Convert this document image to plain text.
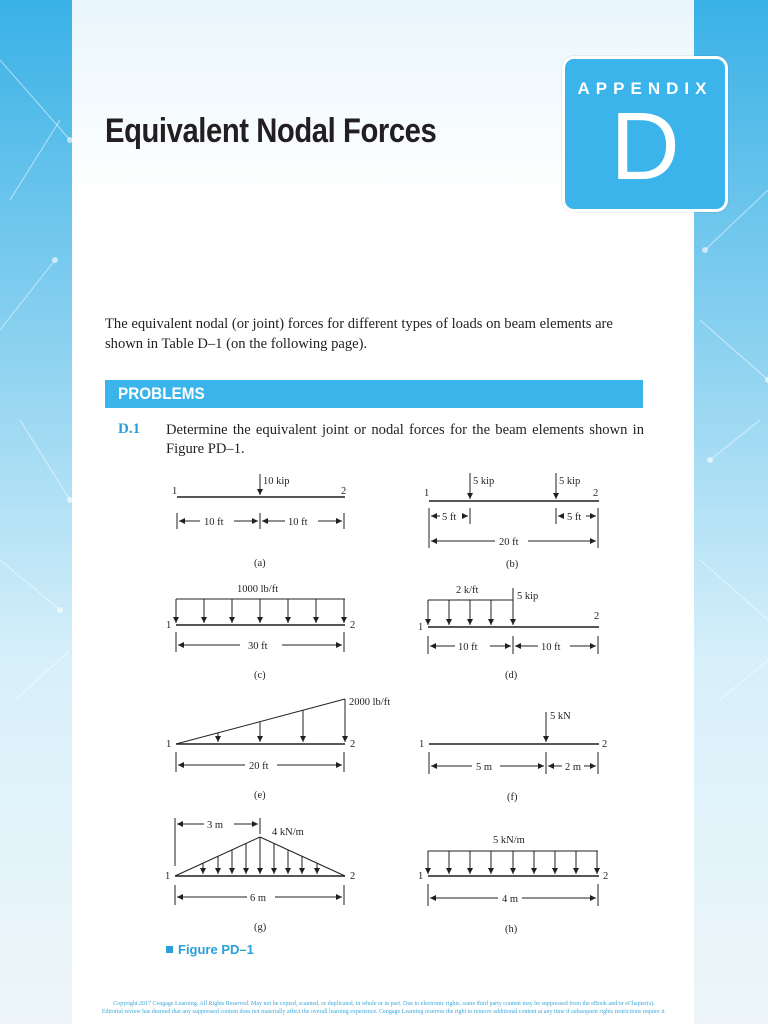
Equivalent Nodal Forces
APPENDIX
D
The equivalent nodal (or joint) forces for different types of loads on beam elements are shown in Table D–1 (on the following page).
PROBLEMS
D.1 Determine the equivalent joint or nodal forces for the beam elements shown in Figure PD–1.
10 kip
1	2
10 ft	10 ft
(a)
5 kip	5 kip
1	2
5 ft	5 ft
20 ft
(b)
1000 lb/ft
1	2
30 ft
(c)
2 k/ft
5 kip
1
2
10 ft	10 ft
(d)
2000 lb/ft
1	2
20 ft
(e)
5 kN
1	2
5 m	2 m
(f)
3 m
4 kN/m
1	2
6 m
(g)
5 kN/m
1	2
4 m
(h)
Figure PD–1
Copyright 2017 Cengage Learning. All Rights Reserved. May not be copied, scanned, or duplicated, in whole or in part. Due to electronic rights, some third party content may be suppressed from the eBook and/or eChapter(s).
Editorial review has deemed that any suppressed content does not materially affect the overall learning experience. Cengage Learning reserves the right to remove additional content at any time if subsequent rights restrictions require it.
